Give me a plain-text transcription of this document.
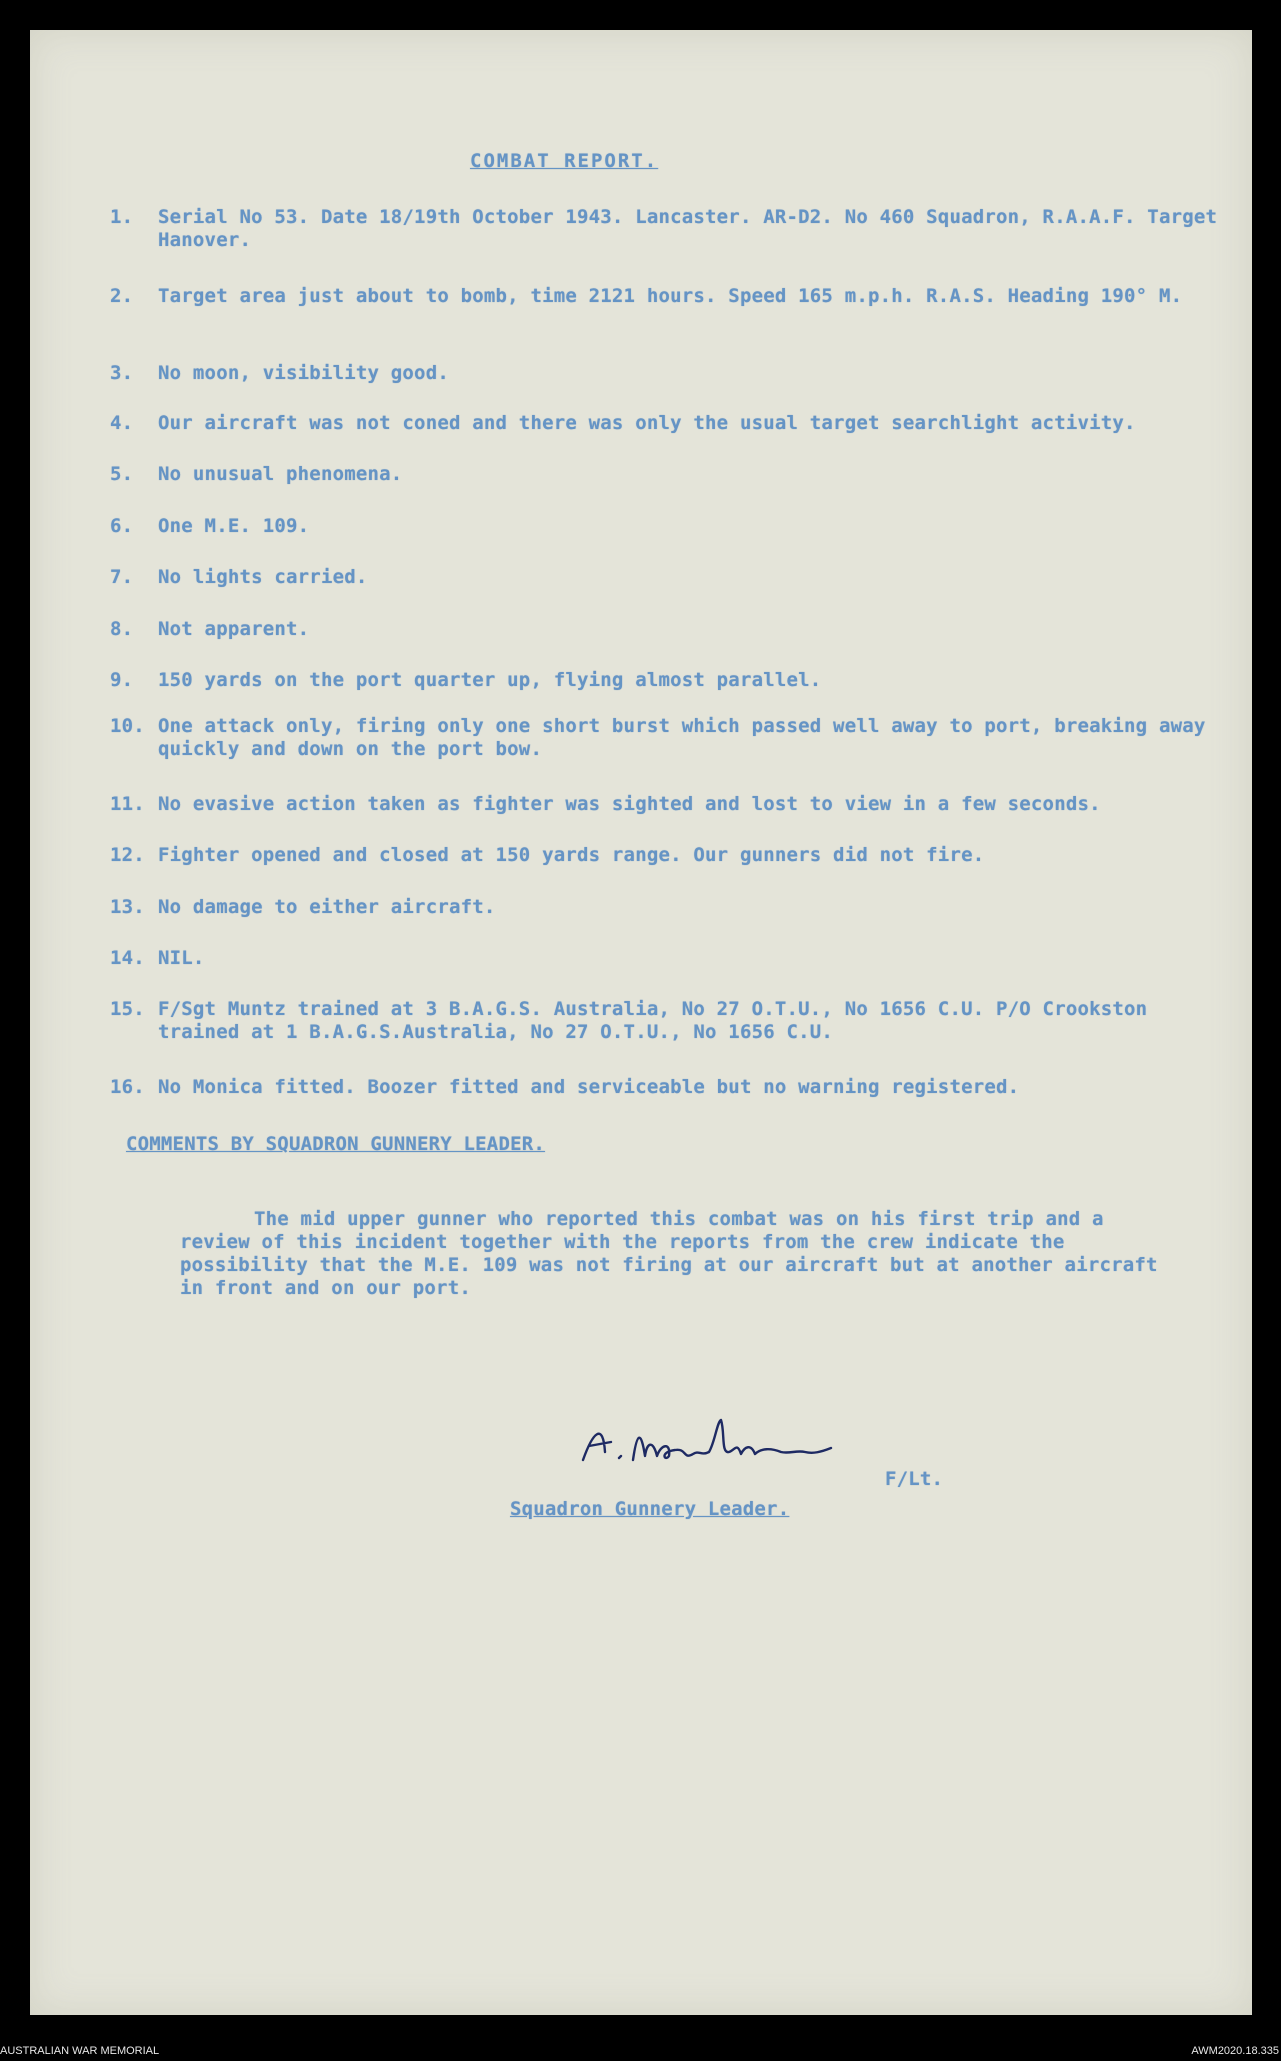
COMBAT REPORT.
1. Serial No 53. Date 18/19th October 1943. Lancaster. AR-D2. No 460 Squadron, R.A.A.F. Target Hanover.
2. Target area just about to bomb, time 2121 hours. Speed 165 m.p.h. R.A.S. Heading 190° M.
3. No moon, visibility good.
4. Our aircraft was not coned and there was only the usual target searchlight activity.
5. No unusual phenomena.
6. One M.E. 109.
7. No lights carried.
8. Not apparent.
9. 150 yards on the port quarter up, flying almost parallel.
10. One attack only, firing only one short burst which passed well away to port, breaking away quickly and down on the port bow.
11. No evasive action taken as fighter was sighted and lost to view in a few seconds.
12. Fighter opened and closed at 150 yards range. Our gunners did not fire.
13. No damage to either aircraft.
14. NIL.
15. F/Sgt Muntz trained at 3 B.A.G.S. Australia, No 27 O.T.U., No 1656 C.U. P/O Crookston trained at 1 B.A.G.S.Australia, No 27 O.T.U., No 1656 C.U.
16. No Monica fitted. Boozer fitted and serviceable but no warning registered.
COMMENTS BY SQUADRON GUNNERY LEADER.
The mid upper gunner who reported this combat was on his first trip and a review of this incident together with the reports from the crew indicate the possibility that the M.E. 109 was not firing at our aircraft but at another aircraft in front and on our port.
Squadron Gunnery Leader.
F/Lt.
AUSTRALIAN WAR MEMORIAL	AWM2020.18.335
